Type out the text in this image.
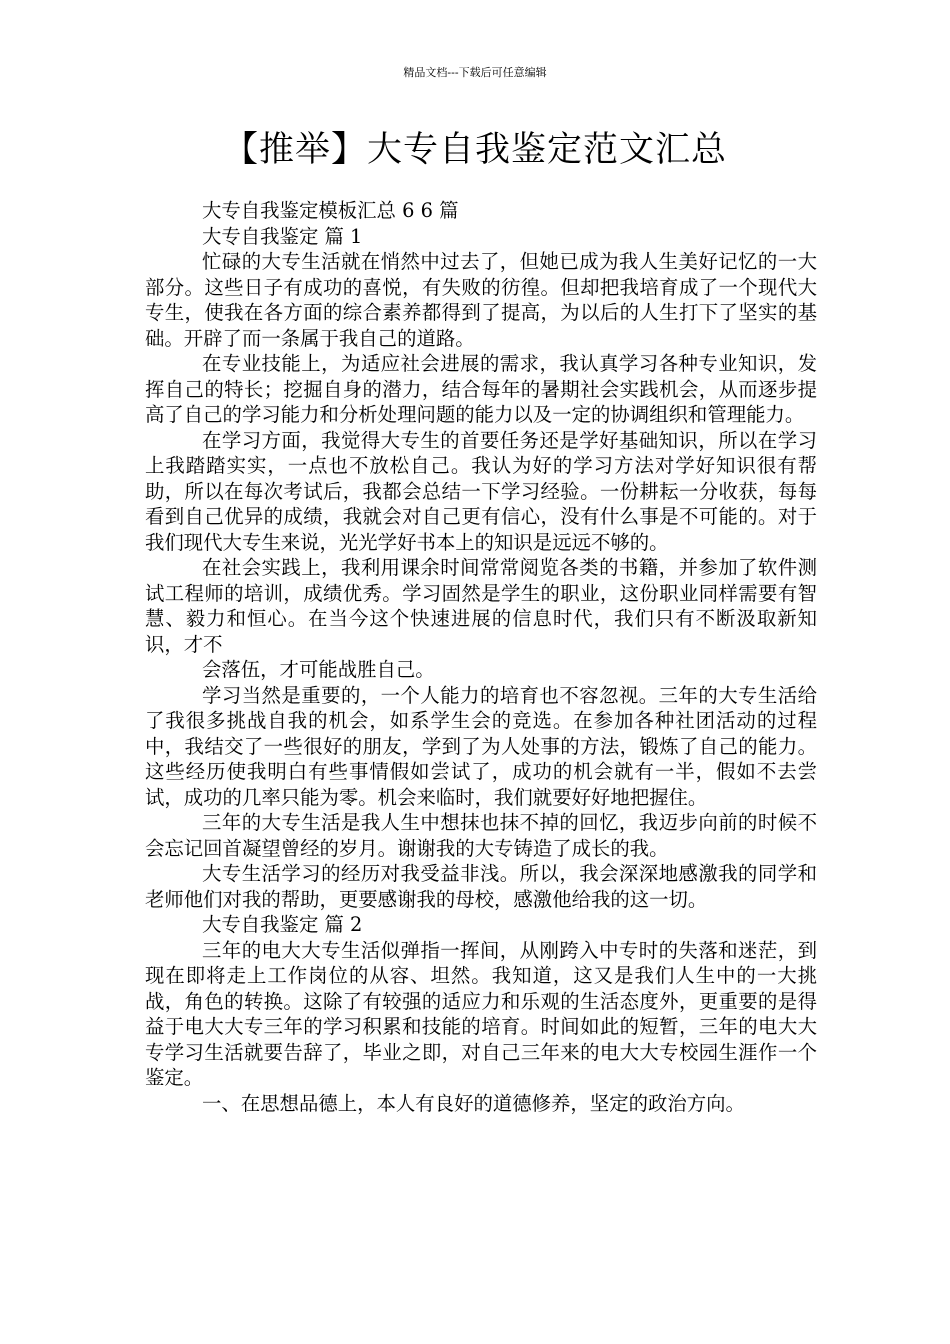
精品文档---下载后可任意编辑
【推举】大专自我鉴定范文汇总

大专自我鉴定模板汇总 6 6 篇

大专自我鉴定 篇 1

忙碌的大专生活就在悄然中过去了，但她已成为我人生美好记忆的一大部分。这些日子有成功的喜悦，有失败的彷徨。但却把我培育成了一个现代大专生，使我在各方面的综合素养都得到了提高，为以后的人生打下了坚实的基础。开辟了而一条属于我自己的道路。

在专业技能上，为适应社会进展的需求，我认真学习各种专业知识，发挥自己的特长；挖掘自身的潜力，结合每年的暑期社会实践机会，从而逐步提高了自己的学习能力和分析处理问题的能力以及一定的协调组织和管理能力。

在学习方面，我觉得大专生的首要任务还是学好基础知识，所以在学习上我踏踏实实，一点也不放松自己。我认为好的学习方法对学好知识很有帮助，所以在每次考试后，我都会总结一下学习经验。一份耕耘一分收获，每每看到自己优异的成绩，我就会对自己更有信心，没有什么事是不可能的。对于我们现代大专生来说，光光学好书本上的知识是远远不够的。

在社会实践上，我利用课余时间常常阅览各类的书籍，并参加了软件测试工程师的培训，成绩优秀。学习固然是学生的职业，这份职业同样需要有智慧、毅力和恒心。在当今这个快速进展的信息时代，我们只有不断汲取新知识，才不

会落伍，才可能战胜自己。

学习当然是重要的，一个人能力的培育也不容忽视。三年的大专生活给了我很多挑战自我的机会，如系学生会的竞选。在参加各种社团活动的过程中，我结交了一些很好的朋友，学到了为人处事的方法，锻炼了自己的能力。这些经历使我明白有些事情假如尝试了，成功的机会就有一半，假如不去尝试，成功的几率只能为零。机会来临时，我们就要好好地把握住。

三年的大专生活是我人生中想抹也抹不掉的回忆，我迈步向前的时候不会忘记回首凝望曾经的岁月。谢谢我的大专铸造了成长的我。

大专生活学习的经历对我受益非浅。所以，我会深深地感激我的同学和老师他们对我的帮助，更要感谢我的母校，感激他给我的这一切。

大专自我鉴定 篇 2

三年的电大大专生活似弹指一挥间，从刚跨入中专时的失落和迷茫，到现在即将走上工作岗位的从容、坦然。我知道，这又是我们人生中的一大挑战，角色的转换。这除了有较强的适应力和乐观的生活态度外，更重要的是得益于电大大专三年的学习积累和技能的培育。时间如此的短暂，三年的电大大专学习生活就要告辞了，毕业之即，对自己三年来的电大大专校园生涯作一个鉴定。

一、在思想品德上，本人有良好的道德修养，坚定的政治方向。
